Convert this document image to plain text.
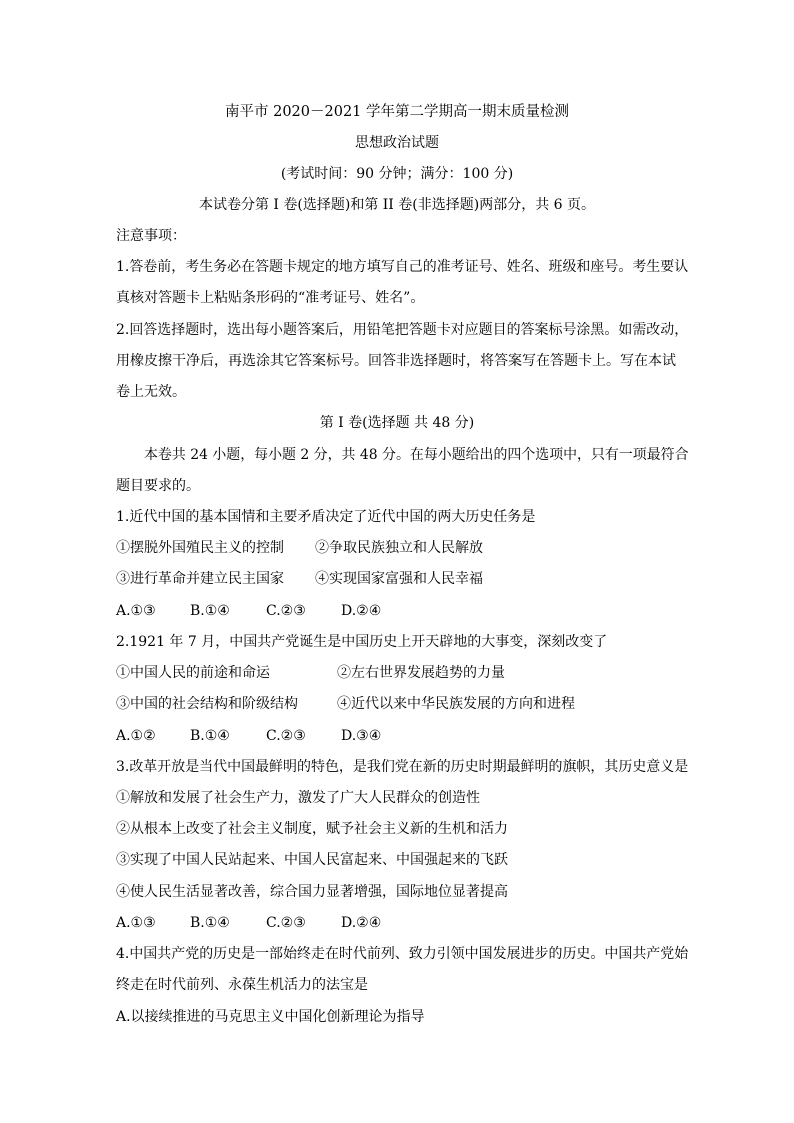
南平市 2020－2021 学年第二学期高一期末质量检测
思想政治试题
(考试时间：90 分钟；满分：100 分)
本试卷分第 I 卷(选择题)和第 II 卷(非选择题)两部分，共 6 页。
注意事项：
1.答卷前，考生务必在答题卡规定的地方填写自己的准考证号、姓名、班级和座号。考生要认
真核对答题卡上粘贴条形码的“准考证号、姓名”。
2.回答选择题时，选出每小题答案后，用铅笔把答题卡对应题目的答案标号涂黑。如需改动，
用橡皮擦干净后，再选涂其它答案标号。回答非选择题时，将答案写在答题卡上。写在本试
卷上无效。
第 I 卷(选择题 共 48 分)
本卷共 24 小题，每小题 2 分，共 48 分。在每小题给出的四个选项中，只有一项最符合
题目要求的。
1.近代中国的基本国情和主要矛盾决定了近代中国的两大历史任务是
①摆脱外国殖民主义的控制 ②争取民族独立和人民解放
③进行革命并建立民主国家 ④实现国家富强和人民幸福
A.①③ B.①④	C.②③	D.②④
2.1921 年 7 月，中国共产党诞生是中国历史上开天辟地的大事变，深刻改变了
①中国人民的前途和命运	②左右世界发展趋势的力量
③中国的社会结构和阶级结构	④近代以来中华民族发展的方向和进程
A.①② B.①④	C.②③	D.③④
3.改革开放是当代中国最鲜明的特色，是我们党在新的历史时期最鲜明的旗帜，其历史意义是
①解放和发展了社会生产力，激发了广大人民群众的创造性
②从根本上改变了社会主义制度，赋予社会主义新的生机和活力
③实现了中国人民站起来、中国人民富起来、中国强起来的飞跃
④使人民生活显著改善，综合国力显著增强，国际地位显著提高
A.①③ B.①④	C.②③	D.②④
4.中国共产党的历史是一部始终走在时代前列、致力引领中国发展进步的历史。中国共产党始
终走在时代前列、永葆生机活力的法宝是
A.以接续推进的马克思主义中国化创新理论为指导
